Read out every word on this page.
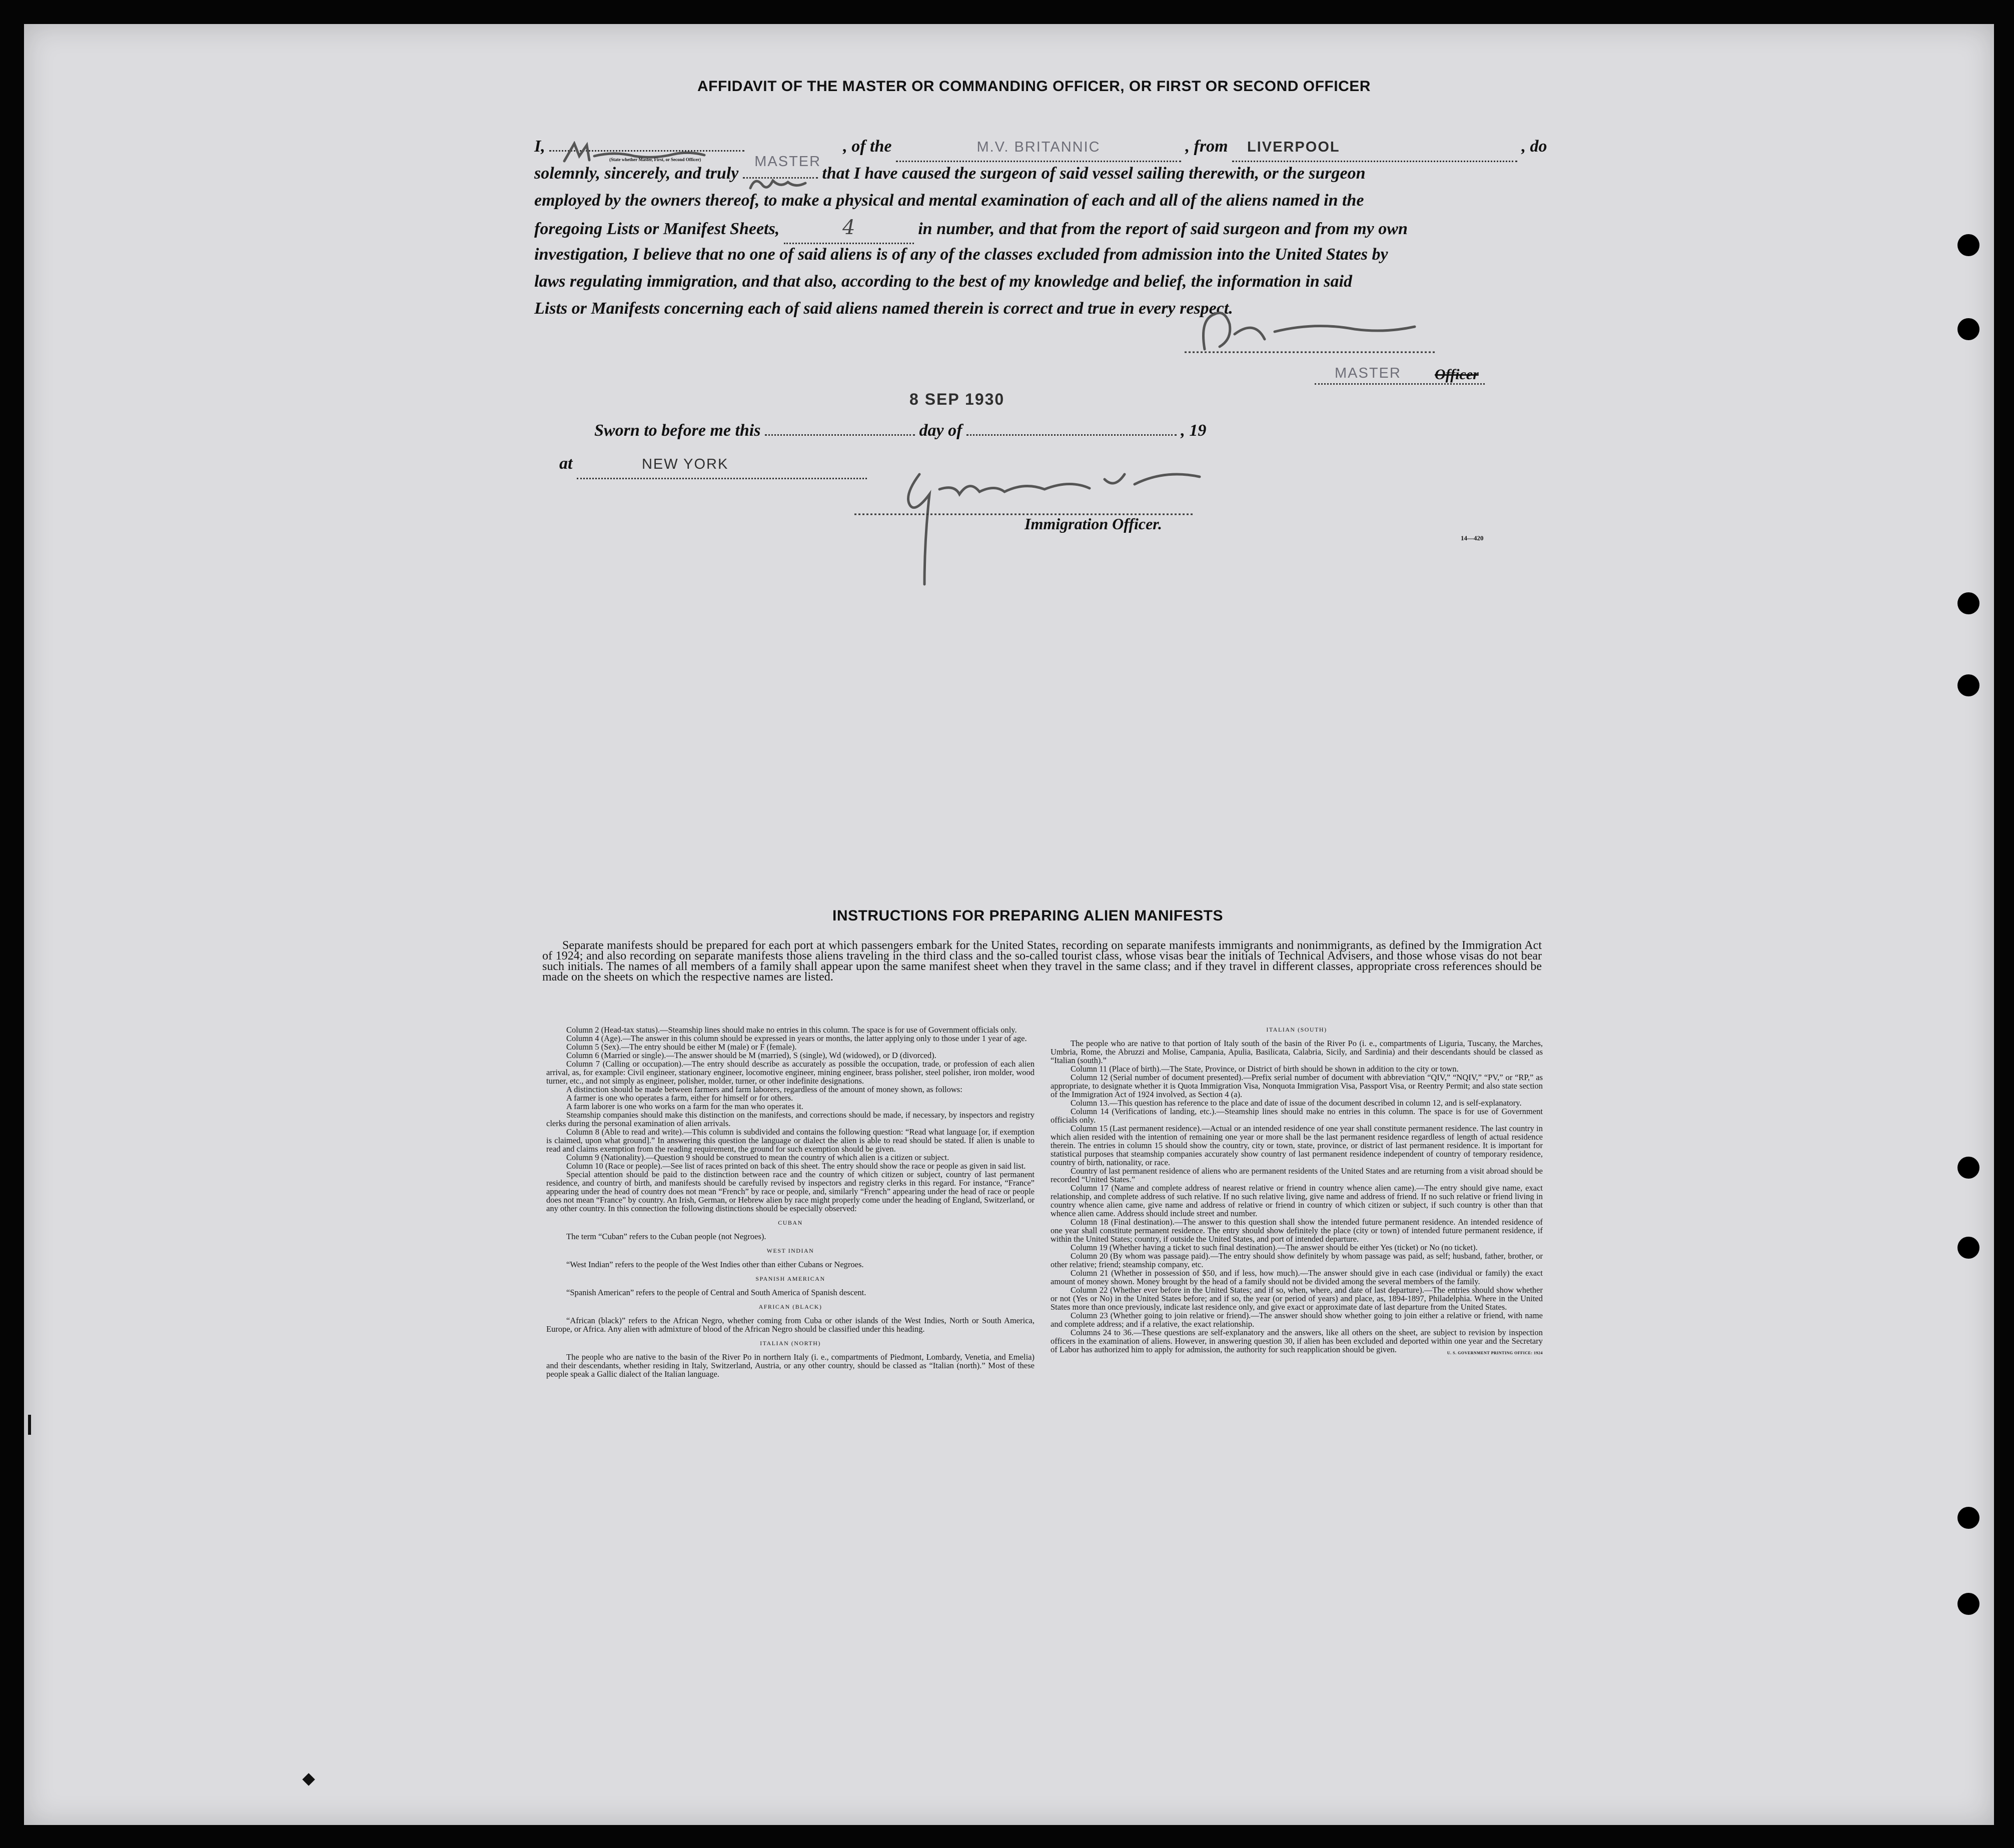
AFFIDAVIT OF THE MASTER OR COMMANDING OFFICER, OR FIRST OR SECOND OFFICER
I,
MASTER
, of the	M.V. BRITANNIC	, from LIVERPOOL	, do
(State whether Master, First, or Second Officer)
solemnly, sincerely, and truly	that I have caused the surgeon of said vessel sailing therewith, or the surgeon
employed by the owners thereof, to make a physical and mental examination of each and all of the aliens named in the
foregoing Lists or Manifest Sheets,	4	in number, and that from the report of said surgeon and from my own
investigation, I believe that no one of said aliens is of any of the classes excluded from admission into the United States by
laws regulating immigration, and that also, according to the best of my knowledge and belief, the information in said
Lists or Manifests concerning each of said aliens named therein is correct and true in every respect.
MASTER Officer
8 SEP 1930
Sworn to before me this	day of	, 19
at	NEW YORK
Immigration Officer.
14—420
INSTRUCTIONS FOR PREPARING ALIEN MANIFESTS
Separate manifests should be prepared for each port at which passengers embark for the United States, recording on separate manifests immigrants and nonimmigrants, as defined by the Immigration Act of 1924; and also recording on separate manifests those aliens traveling in the third class and the so-called tourist class, whose visas bear the initials of Technical Advisers, and those whose visas do not bear such initials. The names of all members of a family shall appear upon the same manifest sheet when they travel in the same class; and if they travel in different classes, appropriate cross references should be made on the sheets on which the respective names are listed.

Column 2 (Head-tax status).—Steamship lines should make no entries in this column. The space is for use of Government officials only.

Column 4 (Age).—The answer in this column should be expressed in years or months, the latter applying only to those under 1 year of age.

Column 5 (Sex).—The entry should be either M (male) or F (female).

Column 6 (Married or single).—The answer should be M (married), S (single), Wd (widowed), or D (divorced).

Column 7 (Calling or occupation).—The entry should describe as accurately as possible the occupation, trade, or profession of each alien arrival, as, for example: Civil engineer, stationary engineer, locomotive engineer, mining engineer, brass polisher, steel polisher, iron molder, wood turner, etc., and not simply as engineer, polisher, molder, turner, or other indefinite designations.

A distinction should be made between farmers and farm laborers, regardless of the amount of money shown, as follows:

A farmer is one who operates a farm, either for himself or for others.

A farm laborer is one who works on a farm for the man who operates it.

Steamship companies should make this distinction on the manifests, and corrections should be made, if necessary, by inspectors and registry clerks during the personal examination of alien arrivals.

Column 8 (Able to read and write).—This column is subdivided and contains the following question: “Read what language [or, if exemption is claimed, upon what ground].” In answering this question the language or dialect the alien is able to read should be stated. If alien is unable to read and claims exemption from the reading requirement, the ground for such exemption should be given.

Column 9 (Nationality).—Question 9 should be construed to mean the country of which alien is a citizen or subject.

Column 10 (Race or people).—See list of races printed on back of this sheet. The entry should show the race or people as given in said list.

Special attention should be paid to the distinction between race and the country of which citizen or subject, country of last permanent residence, and country of birth, and manifests should be carefully revised by inspectors and registry clerks in this regard. For instance, “France” appearing under the head of country does not mean “French” by race or people, and, similarly “French” appearing under the head of race or people does not mean “France” by country. An Irish, German, or Hebrew alien by race might properly come under the heading of England, Switzerland, or any other country. In this connection the following distinctions should be especially observed:

CUBAN

The term “Cuban” refers to the Cuban people (not Negroes).

WEST INDIAN

“West Indian” refers to the people of the West Indies other than either Cubans or Negroes.

SPANISH AMERICAN

“Spanish American” refers to the people of Central and South America of Spanish descent.

AFRICAN (BLACK)

“African (black)” refers to the African Negro, whether coming from Cuba or other islands of the West Indies, North or South America, Europe, or Africa. Any alien with admixture of blood of the African Negro should be classified under this heading.

ITALIAN (NORTH)

The people who are native to the basin of the River Po in northern Italy (i. e., compartments of Piedmont, Lombardy, Venetia, and Emelia) and their descendants, whether residing in Italy, Switzerland, Austria, or any other country, should be classed as “Italian (north).” Most of these people speak a Gallic dialect of the Italian language.

ITALIAN (SOUTH)

The people who are native to that portion of Italy south of the basin of the River Po (i. e., compartments of Liguria, Tuscany, the Marches, Umbria, Rome, the Abruzzi and Molise, Campania, Apulia, Basilicata, Calabria, Sicily, and Sardinia) and their descendants should be classed as “Italian (south).”

Column 11 (Place of birth).—The State, Province, or District of birth should be shown in addition to the city or town.

Column 12 (Serial number of document presented).—Prefix serial number of document with abbreviation “QIV,” “NQIV,” “PV,” or “RP,” as appropriate, to designate whether it is Quota Immigration Visa, Nonquota Immigration Visa, Passport Visa, or Reentry Permit; and also state section of the Immigration Act of 1924 involved, as Section 4 (a).

Column 13.—This question has reference to the place and date of issue of the document described in column 12, and is self-explanatory.

Column 14 (Verifications of landing, etc.).—Steamship lines should make no entries in this column. The space is for use of Government officials only.

Column 15 (Last permanent residence).—Actual or an intended residence of one year shall constitute permanent residence. The last country in which alien resided with the intention of remaining one year or more shall be the last permanent residence regardless of length of actual residence therein. The entries in column 15 should show the country, city or town, state, province, or district of last permanent residence. It is important for statistical purposes that steamship companies accurately show country of last permanent residence independent of country of temporary residence, country of birth, nationality, or race.

Country of last permanent residence of aliens who are permanent residents of the United States and are returning from a visit abroad should be recorded “United States.”

Column 17 (Name and complete address of nearest relative or friend in country whence alien came).—The entry should give name, exact relationship, and complete address of such relative. If no such relative living, give name and address of friend. If no such relative or friend living in country whence alien came, give name and address of relative or friend in country of which citizen or subject, if such country is other than that whence alien came. Address should include street and number.

Column 18 (Final destination).—The answer to this question shall show the intended future permanent residence. An intended residence of one year shall constitute permanent residence. The entry should show definitely the place (city or town) of intended future permanent residence, if within the United States; country, if outside the United States, and port of intended departure.

Column 19 (Whether having a ticket to such final destination).—The answer should be either Yes (ticket) or No (no ticket).

Column 20 (By whom was passage paid).—The entry should show definitely by whom passage was paid, as self; husband, father, brother, or other relative; friend; steamship company, etc.

Column 21 (Whether in possession of $50, and if less, how much).—The answer should give in each case (individual or family) the exact amount of money shown. Money brought by the head of a family should not be divided among the several members of the family.

Column 22 (Whether ever before in the United States; and if so, when, where, and date of last departure).—The entries should show whether or not (Yes or No) in the United States before; and if so, the year (or period of years) and place, as, 1894-1897, Philadelphia. Where in the United States more than once previously, indicate last residence only, and give exact or approximate date of last departure from the United States.

Column 23 (Whether going to join relative or friend).—The answer should show whether going to join either a relative or friend, with name and complete address; and if a relative, the exact relationship.

Columns 24 to 36.—These questions are self-explanatory and the answers, like all others on the sheet, are subject to revision by inspection officers in the examination of aliens. However, in answering question 30, if alien has been excluded and deported within one year and the Secretary of Labor has authorized him to apply for admission, the authority for such reapplication should be given.	U. S. GOVERNMENT PRINTING OFFICE: 1924
